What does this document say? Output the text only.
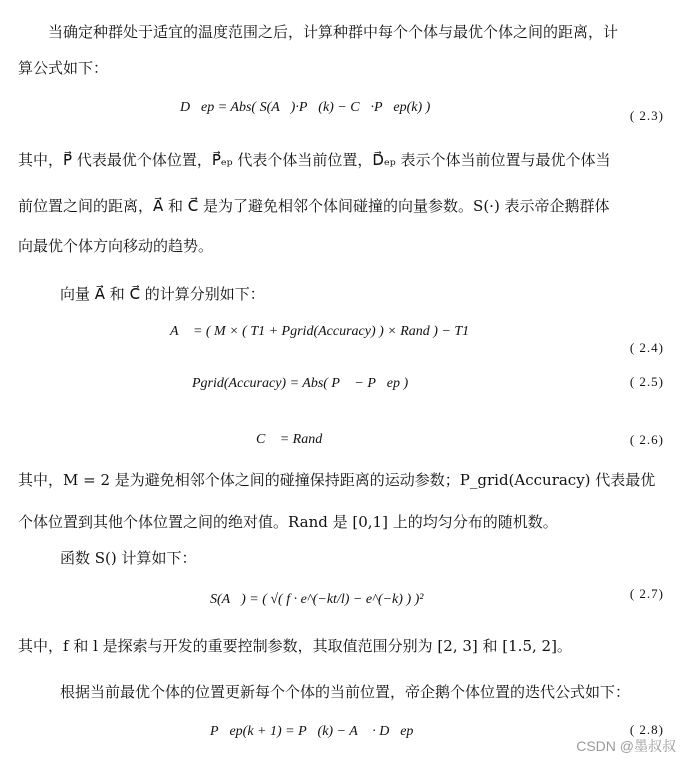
当确定种群处于适宜的温度范围之后，计算种群中每个个体与最优个体之间的距离，计

算公式如下：

D⃗ep = Abs( S(A⃗)·P⃗(k) − C⃗·P⃗ep(k) )
( 2.3)

其中，P⃗ 代表最优个体位置，P⃗ₑₚ 代表个体当前位置，D⃗ₑₚ 表示个体当前位置与最优个体当

前位置之间的距离，A⃗ 和 C⃗ 是为了避免相邻个体间碰撞的向量参数。S(·) 表示帝企鹅群体

向最优个体方向移动的趋势。

向量 A⃗ 和 C⃗ 的计算分别如下：

A⃗ = ( M × ( T1 + Pgrid(Accuracy) ) × Rand ) − T1
( 2.4)
Pgrid(Accuracy) = Abs( P⃗ − P⃗ep )	( 2.5)
C⃗ = Rand	( 2.6)

其中，M = 2 是为避免相邻个体之间的碰撞保持距离的运动参数；P_grid(Accuracy) 代表最优

个体位置到其他个体位置之间的绝对值。Rand 是 [0,1] 上的均匀分布的随机数。

函数 S() 计算如下：

S(A⃗) = ( √( f · e^(−kt/l) − e^(−k) ) )²	( 2.7)

其中，f 和 l 是探索与开发的重要控制参数，其取值范围分别为 [2, 3] 和 [1.5, 2]。

根据当前最优个体的位置更新每个个体的当前位置，帝企鹅个体位置的迭代公式如下：

P⃗ep(k + 1) = P⃗(k) − A⃗ · D⃗ep	( 2.8)
CSDN @墨叔叔
